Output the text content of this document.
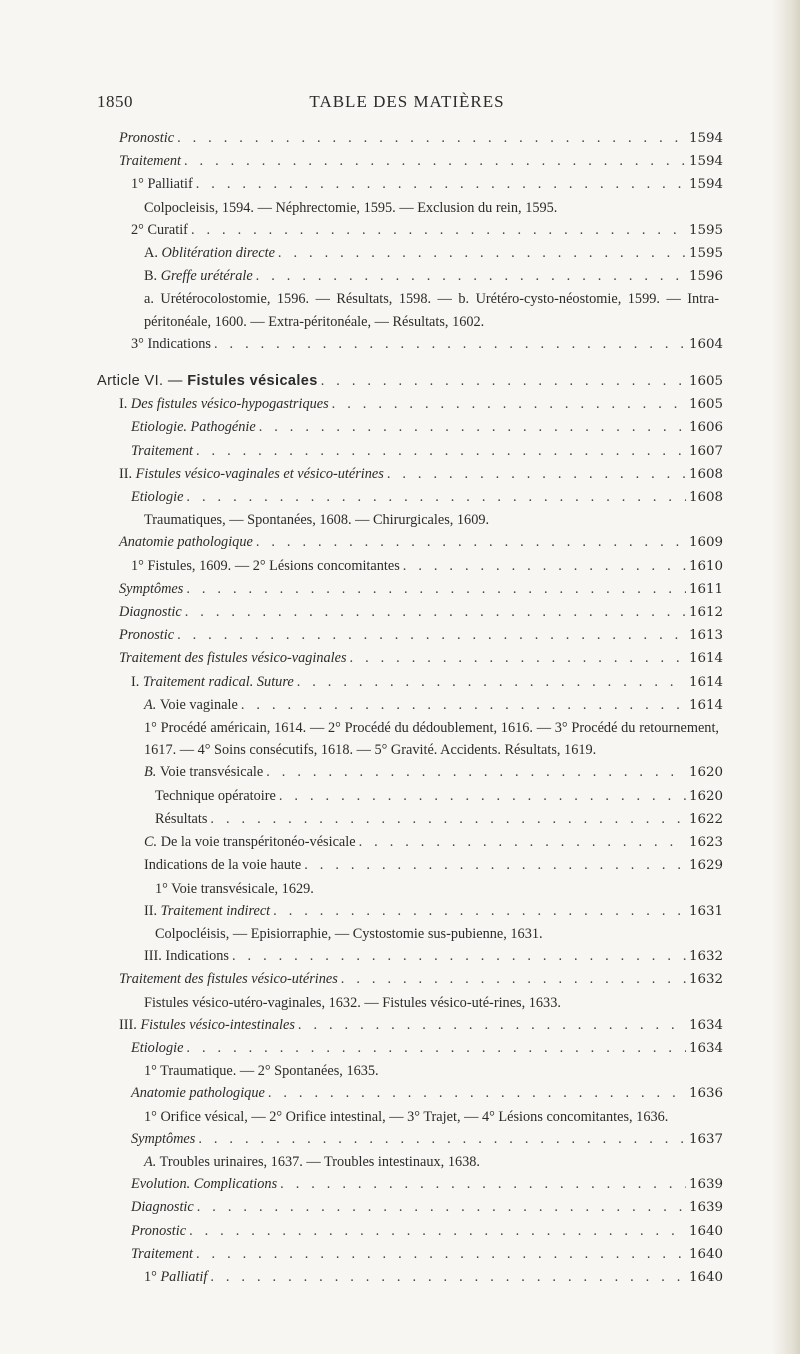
1850	TABLE DES MATIÈRES
Pronostic . . .	1594
Traitement . . .	1594
1° Palliatif . . .	1594
Colpocleisis, 1594. — Néphrectomie, 1595. — Exclusion du rein, 1595.
2° Curatif . . .	1595
A. Oblitération directe . . .	1595
B. Greffe urétérale . . .	1596
a. Urétérocolostomie, 1596. — Résultats, 1598. — b. Urétéro-cysto-néostomie, 1599. — Intra-péritonéale, 1600. — Extra-péritonéale, — Résultats, 1602.
3° Indications . . .	1604
Article VI. — Fistules vésicales . . .	1605
I. Des fistules vésico-hypogastriques . . .	1605
Etiologie. Pathogénie . . .	1606
Traitement . . .	1607
II. Fistules vésico-vaginales et vésico-utérines . . .	1608
Etiologie . . .	1608
Traumatiques, — Spontanées, 1608. — Chirurgicales, 1609.
Anatomie pathologique . . .	1609
1° Fistules, 1609. — 2° Lésions concomitantes . . .	1610
Symptômes . . .	1611
Diagnostic . . .	1612
Pronostic . . .	1613
Traitement des fistules vésico-vaginales . . .	1614
I. Traitement radical. Suture . . .	1614
A. Voie vaginale . . .	1614
1° Procédé américain, 1614. — 2° Procédé du dédoublement, 1616. — 3° Procédé du retournement, 1617. — 4° Soins consécutifs, 1618. — 5° Gravité. Accidents. Résultats, 1619.
B. Voie transvésicale . . .	1620
Technique opératoire . . .	1620
Résultats . . .	1622
C. De la voie transpéritonéo-vésicale . . .	1623
Indications de la voie haute . . .	1629
1° Voie transvésicale, 1629.
II. Traitement indirect . . .	1631
Colpocléisis, — Episiorraphie, — Cystostomie sus-pubienne, 1631.
III. Indications . . .	1632
Traitement des fistules vésico-utérines . . .	1632
Fistules vésico-utéro-vaginales, 1632. — Fistules vésico-uté-rines, 1633.
III. Fistules vésico-intestinales . . .	1634
Etiologie . . .	1634
1° Traumatique. — 2° Spontanées, 1635.
Anatomie pathologique . . .	1636
1° Orifice vésical, — 2° Orifice intestinal, — 3° Trajet, — 4° Lésions concomitantes, 1636.
Symptômes . . .	1637
A. Troubles urinaires, 1637. — Troubles intestinaux, 1638.
Evolution. Complications . . .	1639
Diagnostic . . .	1639
Pronostic . . .	1640
Traitement . . .	1640
1° Palliatif . . .	1640
